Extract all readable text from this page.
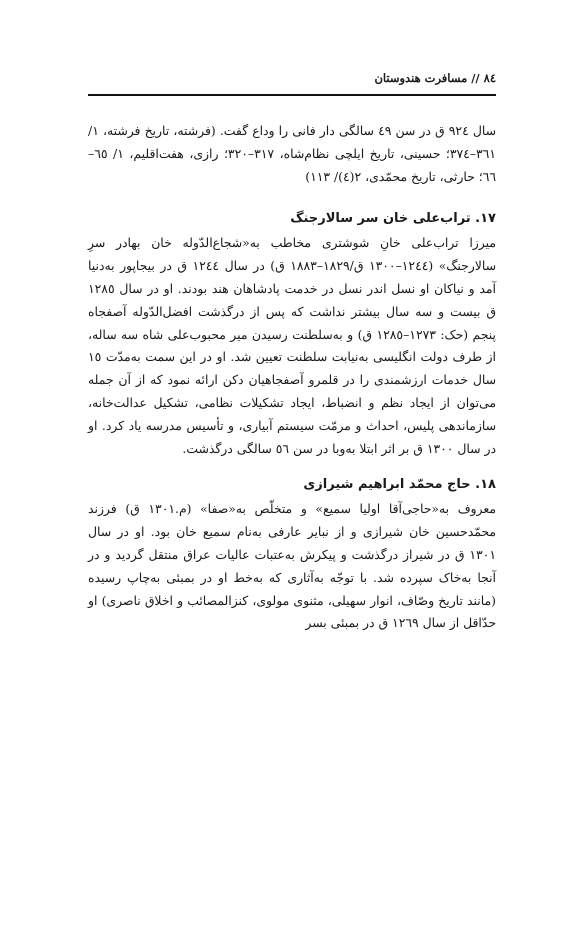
۸٤ // مسافرت هندوستان

سال ۹۲٤ ق در سن ٤۹ سالگی دار فانی را وداع گفت. (فرشته، تاریخ فرشته، ۱/ ۳٦۱–۳۷٤؛ حسینی، تاریخ ایلچی نظام‌شاه، ۳۱۷–۳۲۰؛ رازی، هفت‌اقلیم، ۱/ ٦٥–٦٦؛ حارثی، تاریخ محمّدی، ۲(٤)/ ۱۱۳)

۱۷. تراب‌علی خان سر سالارجنگ

میرزا تراب‌علی خانِ شوشتری مخاطب به«شجاع‌الدّوله خان بهادر سرِ سالارجنگ» (۱۲٤٤–۱۳۰۰ ق/۱۸۲۹–۱۸۸۳ ق) در سال ۱۲٤٤ ق در بیجاپور به‌دنیا آمد و نیاکان او نسل اندر نسل در خدمت پادشاهان هند بودند. او در سال ۱۲۸٥ ق بیست و سه سال بیشتر نداشت که پس از درگذشت افضل‌الدّوله آصفجاه پنجم (حک: ۱۲۷۳–۱۲۸٥ ق) و به‌سلطنت رسیدن میر محبوب‌علی شاه سه ساله، از طرف دولت انگلیسی به‌نیابت سلطنت تعیین شد. او در این سمت به‌مدّت ۱٥ سال خدمات ارزشمندی را در قلمرو آصفجاهیان دکن ارائه نمود که از آن جمله می‌توان از ایجاد نظم و انضباط، ایجاد تشکیلات نظامی، تشکیل عدالت‌خانه، سازماندهی پلیس، احداث و مرمّت سیستم آبیاری، و تأسیس مدرسه یاد کرد. او در سال ۱۳۰۰ ق بر اثر ابتلا به‌وبا در سن ٥٦ سالگی درگذشت.

۱۸. حاج محمّد ابراهیم شیرازی

معروف به«حاجی‌آقا اولیا سمیع» و متخلّص به«صفا» (م.۱۳۰۱ ق) فرزند محمّدحسین خان شیرازی و از نبایر عارفی به‌نام سمیع خان بود. او در سال ۱۳۰۱ ق در شیراز درگذشت و پیکرش به‌عتبات عالیات عراق منتقل گردید و در آنجا به‌خاک سپرده شد. با توجّه به‌آثاری که به‌خط او در بمبئی به‌چاپ رسیده (مانند تاریخ وصّاف، انوار سهیلی، مثنوی مولوی، کنزالمصائب و اخلاق ناصری) او حدّاقل از سال ۱۲٦۹ ق در بمبئی بسر
